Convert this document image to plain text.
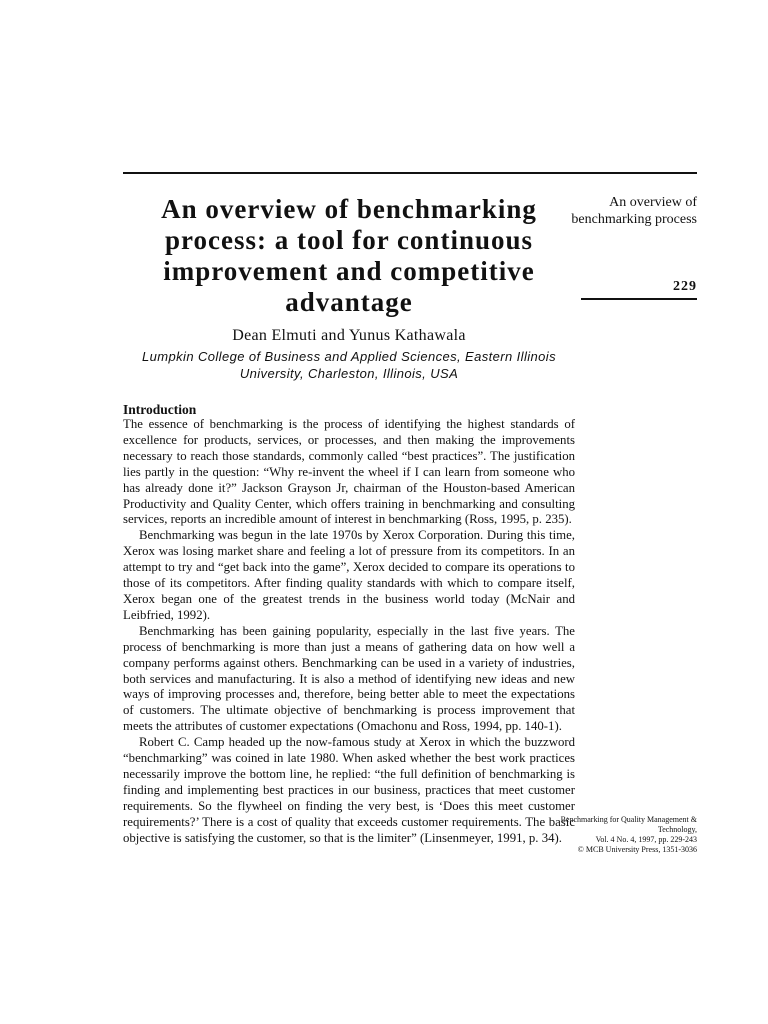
An overview of benchmarking process: a tool for continuous improvement and competitive advantage
Dean Elmuti and Yunus Kathawala
Lumpkin College of Business and Applied Sciences, Eastern Illinois University, Charleston, Illinois, USA
Introduction

The essence of benchmarking is the process of identifying the highest standards of excellence for products, services, or processes, and then making the improvements necessary to reach those standards, commonly called “best practices”. The justification lies partly in the question: “Why re-invent the wheel if I can learn from someone who has already done it?” Jackson Grayson Jr, chairman of the Houston-based American Productivity and Quality Center, which offers training in benchmarking and consulting services, reports an incredible amount of interest in benchmarking (Ross, 1995, p. 235).

Benchmarking was begun in the late 1970s by Xerox Corporation. During this time, Xerox was losing market share and feeling a lot of pressure from its competitors. In an attempt to try and “get back into the game”, Xerox decided to compare its operations to those of its competitors. After finding quality standards with which to compare itself, Xerox began one of the greatest trends in the business world today (McNair and Leibfried, 1992).

Benchmarking has been gaining popularity, especially in the last five years. The process of benchmarking is more than just a means of gathering data on how well a company performs against others. Benchmarking can be used in a variety of industries, both services and manufacturing. It is also a method of identifying new ideas and new ways of improving processes and, therefore, being better able to meet the expectations of customers. The ultimate objective of benchmarking is process improvement that meets the attributes of customer expectations (Omachonu and Ross, 1994, pp. 140-1).

Robert C. Camp headed up the now-famous study at Xerox in which the buzzword “benchmarking” was coined in late 1980. When asked whether the best work practices necessarily improve the bottom line, he replied: “the full definition of benchmarking is finding and implementing best practices in our business, practices that meet customer requirements. So the flywheel on finding the very best, is ‘Does this meet customer requirements?’ There is a cost of quality that exceeds customer requirements. The basic objective is satisfying the customer, so that is the limiter” (Linsenmeyer, 1991, p. 34).

An overview of benchmarking process
229
Benchmarking for Quality Management & Technology,
Vol. 4 No. 4, 1997, pp. 229-243
© MCB University Press, 1351-3036
